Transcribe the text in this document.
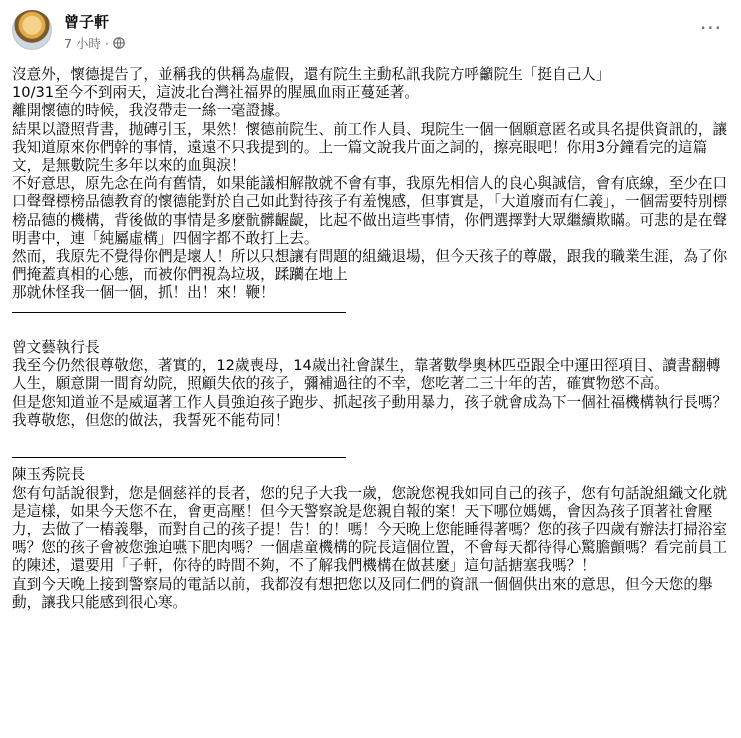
曾子軒
7 小時 ·
···

沒意外，懷德提告了，並稱我的供稱為虛假，還有院生主動私訊我院方呼籲院生「挺自己人」

10/31至今不到兩天，這波北台灣社福界的腥風血雨正蔓延著。

離開懷德的時候，我沒帶走一絲一毫證據。

結果以證照背書，抛磚引玉，果然！懷德前院生、前工作人員、現院生一個一個願意匿名或具名提供資訊的，讓我知道原來你們幹的事情，遠遠不只我提到的。上一篇文說我片面之詞的，擦亮眼吧！你用3分鐘看完的這篇文，是無數院生多年以來的血與淚！

不好意思，原先念在尚有舊情，如果能議相解散就不會有事，我原先相信人的良心與誠信，會有底線，至少在口口聲聲標榜品德教育的懷德能對於自己如此對待孩子有羞愧感，但事實是，「大道廢而有仁義」，一個需要特別標榜品德的機構，背後做的事情是多麼骯髒齷齪，比起不做出這些事情，你們選擇對大眾繼續欺瞞。可悲的是在聲明書中，連「純屬虛構」四個字都不敢打上去。

然而，我原先不覺得你們是壞人！所以只想讓有問題的組織退場，但今天孩子的尊嚴，跟我的職業生涯，為了你們掩蓋真相的心態，而被你們視為垃圾，蹂躪在地上

那就休怪我一個一個，抓！出！來！鞭！

曾文藝執行長

我至今仍然很尊敬您，著實的，12歲喪母，14歲出社會謀生，靠著數學奧林匹亞跟全中運田徑項目、讀書翻轉人生，願意開一間育幼院，照顧失依的孩子，彌補過往的不幸，您吃著二三十年的苦，確實物慾不高。

但是您知道並不是威逼著工作人員強迫孩子跑步、抓起孩子動用暴力，孩子就會成為下一個社福機構執行長嗎？我尊敬您，但您的做法，我誓死不能苟同！

陳玉秀院長

您有句話說很對，您是個慈祥的長者，您的兒子大我一歲，您說您視我如同自己的孩子，您有句話說組織文化就是這樣，如果今天您不在，會更高壓！但今天警察說是您親自報的案！天下哪位媽媽，會因為孩子頂著社會壓力，去做了一樁義舉，而對自己的孩子提！告！的！嗎！今天晚上您能睡得著嗎？您的孩子四歲有辦法打掃浴室嗎？您的孩子會被您強迫嚥下肥肉嗎？一個虐童機構的院長這個位置，不會每天都待得心驚膽顫嗎？看完前員工的陳述，還要用「子軒，你待的時間不夠，不了解我們機構在做甚麼」這句話搪塞我嗎？！

直到今天晚上接到警察局的電話以前，我都沒有想把您以及同仁們的資訊一個個供出來的意思，但今天您的舉動，讓我只能感到很心寒。
